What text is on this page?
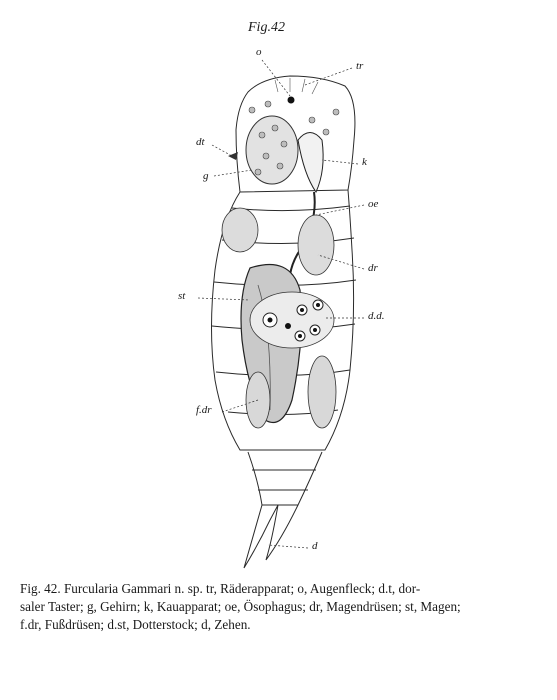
Fig.42
o
tr
dt
g
k
oe
dr
st
d.d.
f.dr
d
Fig. 42. Furcularia Gammari n. sp. tr, Räderapparat; o, Augenfleck; d.t, dor-
saler Taster; g, Gehirn; k, Kauapparat; oe, Ösophagus; dr, Magendrüsen; st, Magen;
f.dr, Fußdrüsen; d.st, Dotterstock; d, Zehen.
